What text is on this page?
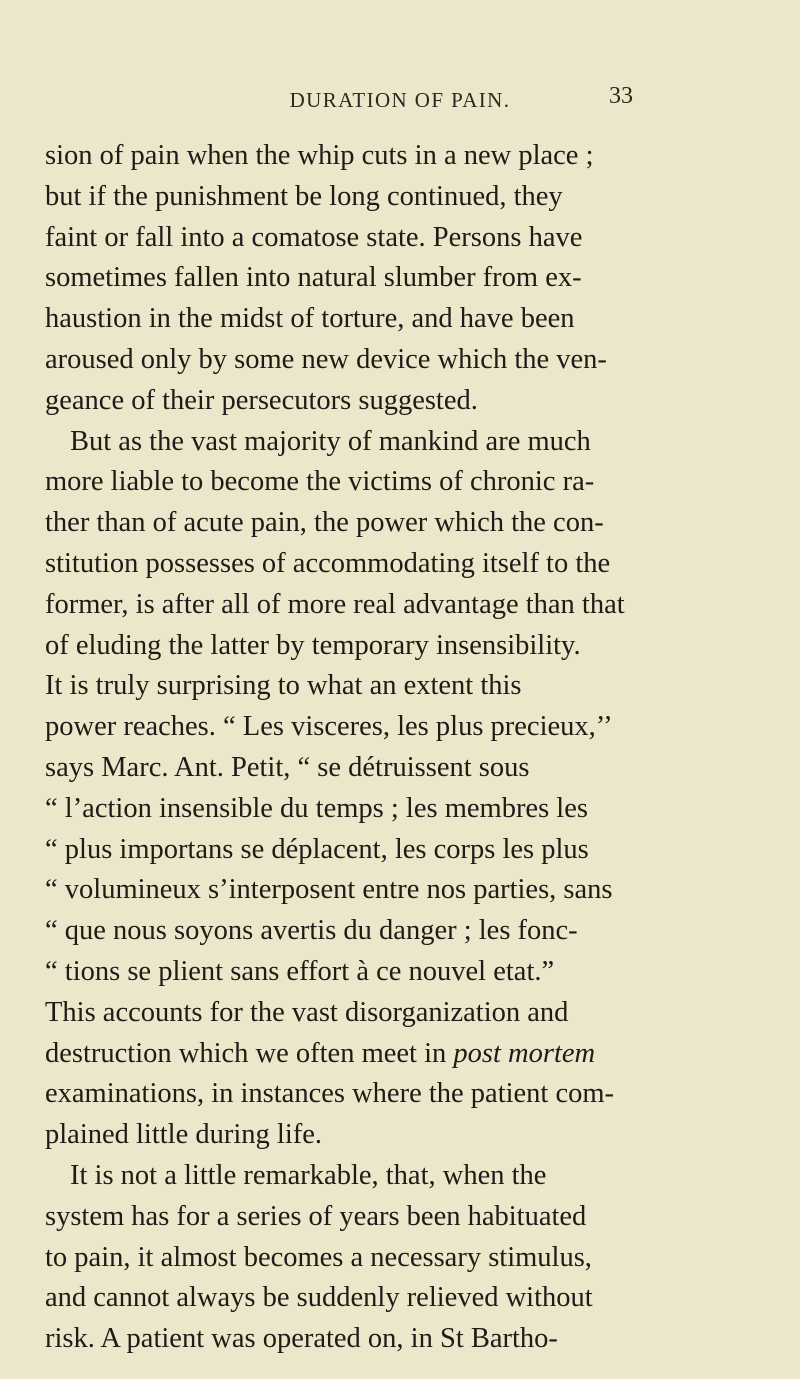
DURATION OF PAIN.	33
sion of pain when the whip cuts in a new place ;
but if the punishment be long continued, they
faint or fall into a comatose state. Persons have
sometimes fallen into natural slumber from ex-
haustion in the midst of torture, and have been
aroused only by some new device which the ven-
geance of their persecutors suggested.
But as the vast majority of mankind are much
more liable to become the victims of chronic ra-
ther than of acute pain, the power which the con-
stitution possesses of accommodating itself to the
former, is after all of more real advantage than that
of eluding the latter by temporary insensibility.
It is truly surprising to what an extent this
power reaches. “ Les visceres, les plus precieux,’’
says Marc. Ant. Petit, “ se détruissent sous
“ l’action insensible du temps ; les membres les
“ plus importans se déplacent, les corps les plus
“ volumineux s’interposent entre nos parties, sans
“ que nous soyons avertis du danger ; les fonc-
“ tions se plient sans effort à ce nouvel etat.”
This accounts for the vast disorganization and
destruction which we often meet in post mortem
examinations, in instances where the patient com-
plained little during life.
It is not a little remarkable, that, when the
system has for a series of years been habituated
to pain, it almost becomes a necessary stimulus,
and cannot always be suddenly relieved without
risk. A patient was operated on, in St Bartho-
